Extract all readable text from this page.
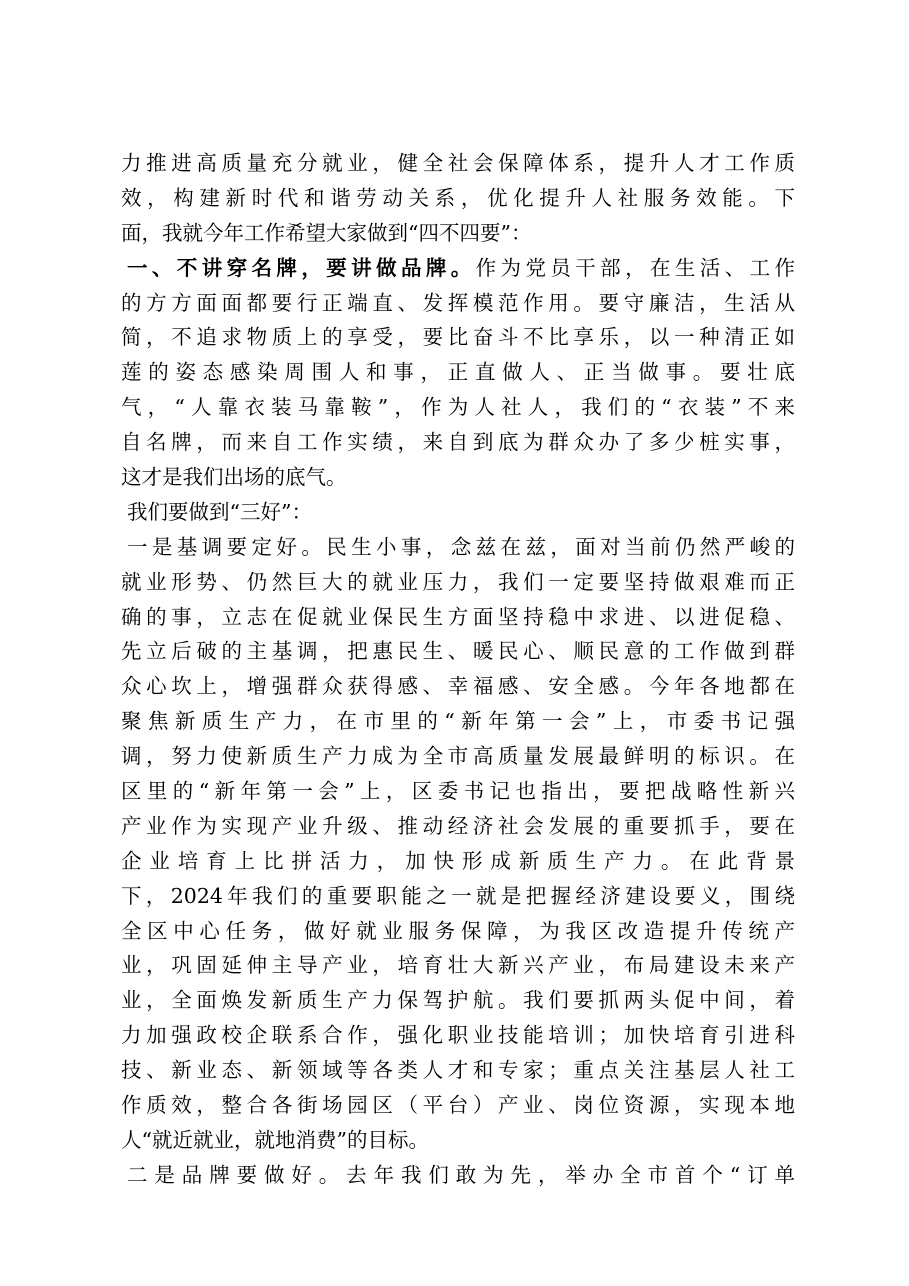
力推进高质量充分就业，健全社会保障体系，提升人才工作质
效，构建新时代和谐劳动关系，优化提升人社服务效能。下
面，我就今年工作希望大家做到“四不四要”：
一、不讲穿名牌，要讲做品牌。作为党员干部，在生活、工作
的方方面面都要行正端直、发挥模范作用。要守廉洁，生活从
简，不追求物质上的享受，要比奋斗不比享乐，以一种清正如
莲的姿态感染周围人和事，正直做人、正当做事。要壮底
气，“人靠衣装马靠鞍”，作为人社人，我们的“衣装”不来
自名牌，而来自工作实绩，来自到底为群众办了多少桩实事，
这才是我们出场的底气。
我们要做到“三好”：
一是基调要定好。民生小事，念兹在兹，面对当前仍然严峻的
就业形势、仍然巨大的就业压力，我们一定要坚持做艰难而正
确的事，立志在促就业保民生方面坚持稳中求进、以进促稳、
先立后破的主基调，把惠民生、暖民心、顺民意的工作做到群
众心坎上，增强群众获得感、幸福感、安全感。今年各地都在
聚焦新质生产力，在市里的“新年第一会”上，市委书记强
调，努力使新质生产力成为全市高质量发展最鲜明的标识。在
区里的“新年第一会”上，区委书记也指出，要把战略性新兴
产业作为实现产业升级、推动经济社会发展的重要抓手，要在
企业培育上比拼活力，加快形成新质生产力。在此背景
下，2024年我们的重要职能之一就是把握经济建设要义，围绕
全区中心任务，做好就业服务保障，为我区改造提升传统产
业，巩固延伸主导产业，培育壮大新兴产业，布局建设未来产
业，全面焕发新质生产力保驾护航。我们要抓两头促中间，着
力加强政校企联系合作，强化职业技能培训；加快培育引进科
技、新业态、新领域等各类人才和专家；重点关注基层人社工
作质效，整合各街场园区（平台）产业、岗位资源，实现本地
人“就近就业，就地消费”的目标。
二是品牌要做好。去年我们敢为先，举办全市首个“订单
